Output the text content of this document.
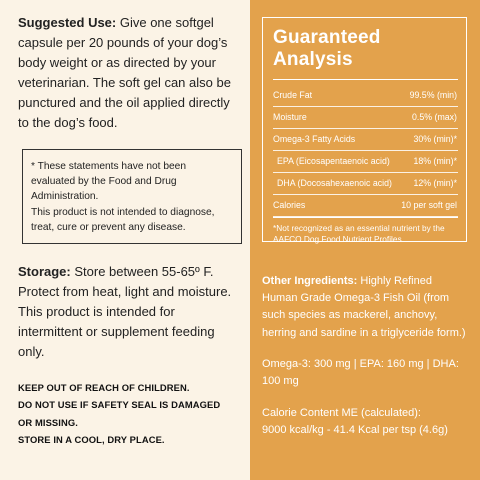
Suggested Use: Give one softgel capsule per 20 pounds of your dog’s body weight or as directed by your veterinarian. The soft gel can also be punctured and the oil applied directly to the dog’s food.

* These statements have not been evaluated by the Food and Drug Administration.

This product is not intended to diagnose, treat, cure or prevent any disease.

Storage: Store between 55-65º F. Protect from heat, light and moisture. This product is intended for intermittent or supplement feeding only.

KEEP OUT OF REACH OF CHILDREN.
DO NOT USE IF SAFETY SEAL IS DAMAGED OR MISSING.
STORE IN A COOL, DRY PLACE.
Guaranteed Analysis
Crude Fat	99.5% (min)
Moisture	0.5% (max)
Omega-3 Fatty Acids	30% (min)*
EPA (Eicosapentaenoic acid)	18% (min)*
DHA (Docosahexaenoic acid) 12% (min)*
Calories	10 per soft gel
*Not recognized as an essential nutrient by the AAFCO Dog Food Nutrient Profiles

Other Ingredients: Highly Refined Human Grade Omega-3 Fish Oil (from such species as mackerel, anchovy, herring and sardine in a triglyceride form.)

Omega-3: 300 mg | EPA: 160 mg | DHA: 100 mg

Calorie Content ME (calculated):
9000 kcal/kg - 41.4 Kcal per tsp (4.6g)
